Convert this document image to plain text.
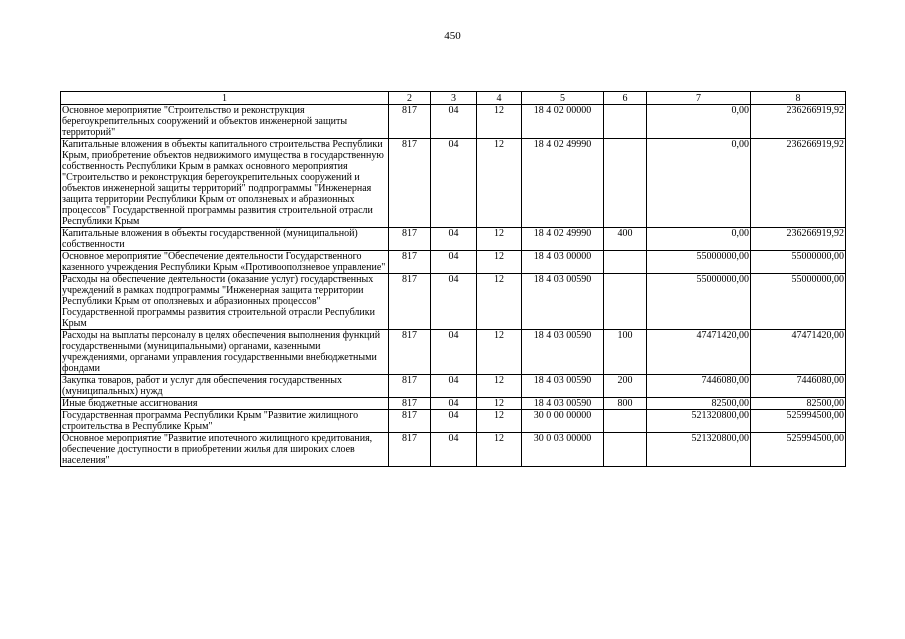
450
1	2	3	4	5	6	7	8
Основное мероприятие "Строительство и реконструкция берегоукрепительных сооружений и объектов инженерной защиты территорий"	817	04	12	18 4 02 00000		0,00	236266919,92
Капитальные вложения в объекты капитального строительства Республики Крым, приобретение объектов недвижимого имущества в государственную собственность Республики Крым в рамках основного мероприятия "Строительство и реконструкция берегоукрепительных сооружений и объектов инженерной защиты территорий" подпрограммы "Инженерная защита территории Республики Крым от оползневых и абразионных процессов" Государственной программы развития строительной отрасли Республики Крым	817	04	12	18 4 02 49990		0,00	236266919,92
Капитальные вложения в объекты государственной (муниципальной) собственности	817	04	12	18 4 02 49990	400	0,00	236266919,92
Основное мероприятие "Обеспечение деятельности Государственного казенного учреждения Республики Крым «Противооползневое управление"	817	04	12	18 4 03 00000		55000000,00	55000000,00
Расходы на обеспечение деятельности (оказание услуг) государственных учреждений в рамках подпрограммы "Инженерная защита территории Республики Крым от оползневых и абразионных процессов" Государственной программы развития строительной отрасли Республики Крым	817	04	12	18 4 03 00590		55000000,00	55000000,00
Расходы на выплаты персоналу в целях обеспечения выполнения функций государственными (муниципальными) органами, казенными учреждениями, органами управления государственными внебюджетными фондами	817	04	12	18 4 03 00590	100	47471420,00	47471420,00
Закупка товаров, работ и услуг для обеспечения государственных (муниципальных) нужд	817	04	12	18 4 03 00590	200	7446080,00	7446080,00
Иные бюджетные ассигнования	817	04	12	18 4 03 00590	800	82500,00	82500,00
Государственная программа Республики Крым "Развитие жилищного строительства в Республике Крым"	817	04	12	30 0 00 00000		521320800,00	525994500,00
Основное мероприятие "Развитие ипотечного жилищного кредитования, обеспечение доступности в приобретении жилья для широких слоев населения"	817	04	12	30 0 03 00000		521320800,00	525994500,00
